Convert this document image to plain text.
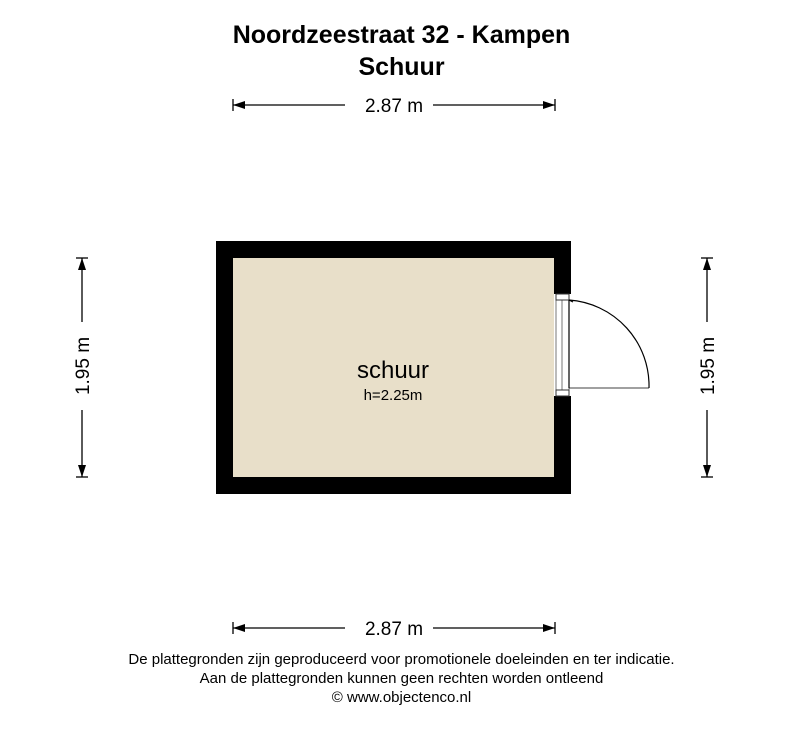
Noordzeestraat 32 - Kampen
Schuur
2.87 m
2.87 m
1.95 m	1.95 m
schuur
h=2.25m
De plattegronden zijn geproduceerd voor promotionele doeleinden en ter indicatie.
Aan de plattegronden kunnen geen rechten worden ontleend
© www.objectenco.nl
